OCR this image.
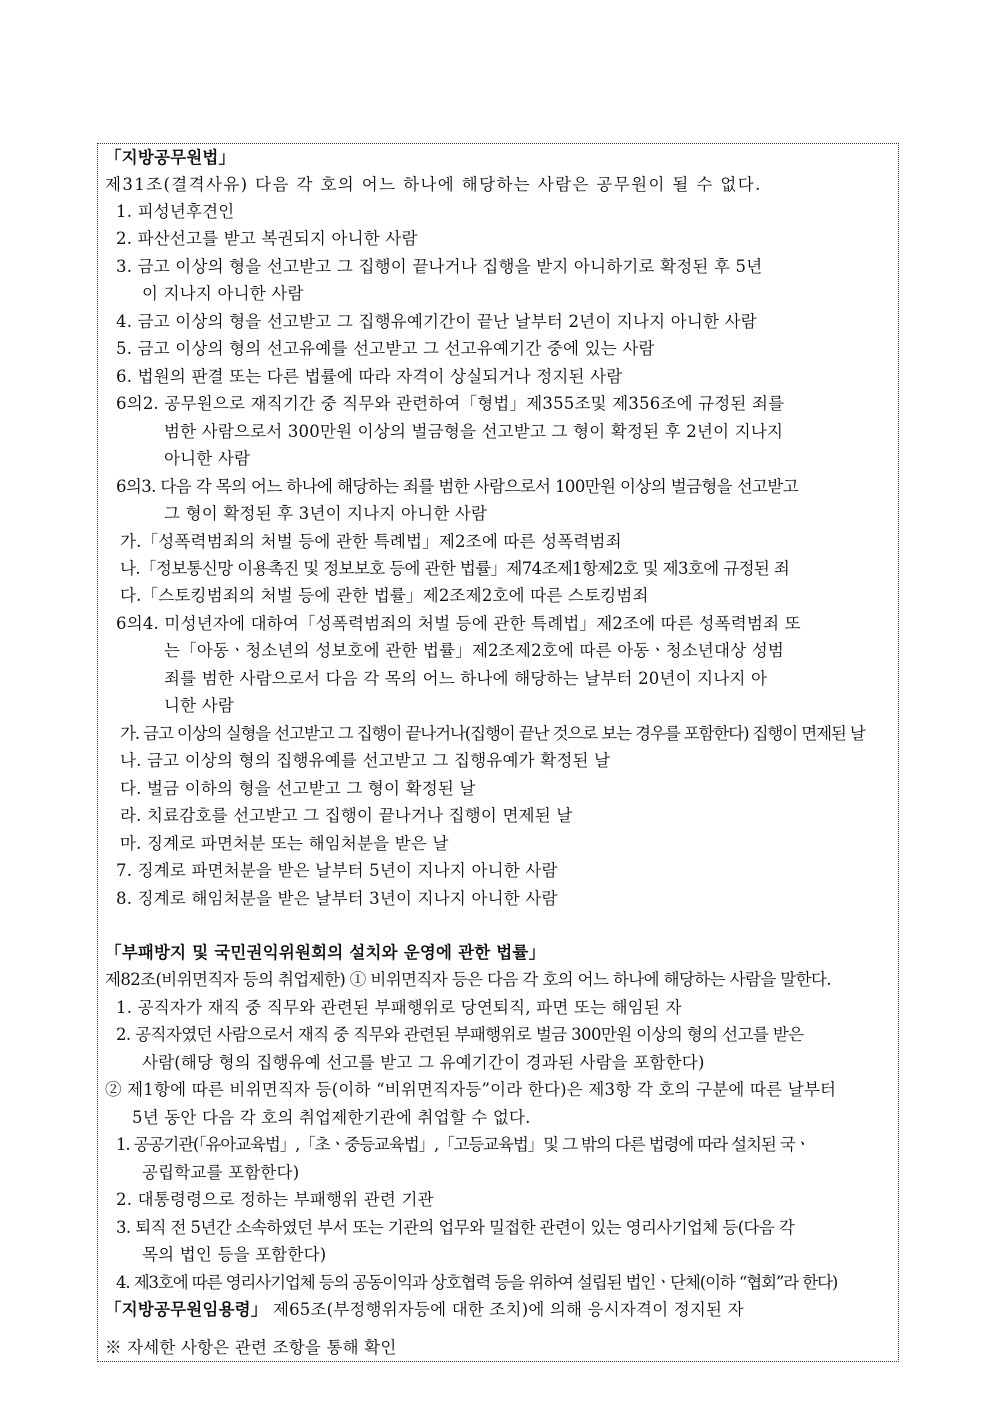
「지방공무원법」
제31조(결격사유) 다음 각 호의 어느 하나에 해당하는 사람은 공무원이 될 수 없다.
1. 피성년후견인
2. 파산선고를 받고 복권되지 아니한 사람
3. 금고 이상의 형을 선고받고 그 집행이 끝나거나 집행을 받지 아니하기로 확정된 후 5년
이 지나지 아니한 사람
4. 금고 이상의 형을 선고받고 그 집행유예기간이 끝난 날부터 2년이 지나지 아니한 사람
5. 금고 이상의 형의 선고유예를 선고받고 그 선고유예기간 중에 있는 사람
6. 법원의 판결 또는 다른 법률에 따라 자격이 상실되거나 정지된 사람
6의2. 공무원으로 재직기간 중 직무와 관련하여「형법」제355조및 제356조에 규정된 죄를
범한 사람으로서 300만원 이상의 벌금형을 선고받고 그 형이 확정된 후 2년이 지나지
아니한 사람
6의3. 다음 각 목의 어느 하나에 해당하는 죄를 범한 사람으로서 100만원 이상의 벌금형을 선고받고
그 형이 확정된 후 3년이 지나지 아니한 사람
가.「성폭력범죄의 처벌 등에 관한 특례법」제2조에 따른 성폭력범죄
나.「정보통신망 이용촉진 및 정보보호 등에 관한 법률」제74조제1항제2호 및 제3호에 규정된 죄
다.「스토킹범죄의 처벌 등에 관한 법률」제2조제2호에 따른 스토킹범죄
6의4. 미성년자에 대하여「성폭력범죄의 처벌 등에 관한 특례법」제2조에 따른 성폭력범죄 또
는「아동ㆍ청소년의 성보호에 관한 법률」제2조제2호에 따른 아동ㆍ청소년대상 성범
죄를 범한 사람으로서 다음 각 목의 어느 하나에 해당하는 날부터 20년이 지나지 아
니한 사람
가. 금고 이상의 실형을 선고받고 그 집행이 끝나거나(집행이 끝난 것으로 보는 경우를 포함한다) 집행이 면제된 날
나. 금고 이상의 형의 집행유예를 선고받고 그 집행유예가 확정된 날
다. 벌금 이하의 형을 선고받고 그 형이 확정된 날
라. 치료감호를 선고받고 그 집행이 끝나거나 집행이 면제된 날
마. 징계로 파면처분 또는 해임처분을 받은 날
7. 징계로 파면처분을 받은 날부터 5년이 지나지 아니한 사람
8. 징계로 해임처분을 받은 날부터 3년이 지나지 아니한 사람
「부패방지 및 국민권익위원회의 설치와 운영에 관한 법률」
제82조(비위면직자 등의 취업제한) ① 비위면직자 등은 다음 각 호의 어느 하나에 해당하는 사람을 말한다.
1. 공직자가 재직 중 직무와 관련된 부패행위로 당연퇴직, 파면 또는 해임된 자
2. 공직자였던 사람으로서 재직 중 직무와 관련된 부패행위로 벌금 300만원 이상의 형의 선고를 받은
사람(해당 형의 집행유예 선고를 받고 그 유예기간이 경과된 사람을 포함한다)
② 제1항에 따른 비위면직자 등(이하 “비위면직자등”이라 한다)은 제3항 각 호의 구분에 따른 날부터
5년 동안 다음 각 호의 취업제한기관에 취업할 수 없다.
1. 공공기관(「유아교육법」,「초ㆍ중등교육법」,「고등교육법」및 그 밖의 다른 법령에 따라 설치된 국ㆍ
공립학교를 포함한다)
2. 대통령령으로 정하는 부패행위 관련 기관
3. 퇴직 전 5년간 소속하였던 부서 또는 기관의 업무와 밀접한 관련이 있는 영리사기업체 등(다음 각
목의 법인 등을 포함한다)
4. 제3호에 따른 영리사기업체 등의 공동이익과 상호협력 등을 위하여 설립된 법인ㆍ단체(이하 “협회”라 한다)
「지방공무원임용령」 제65조(부정행위자등에 대한 조치)에 의해 응시자격이 정지된 자
※ 자세한 사항은 관련 조항을 통해 확인
